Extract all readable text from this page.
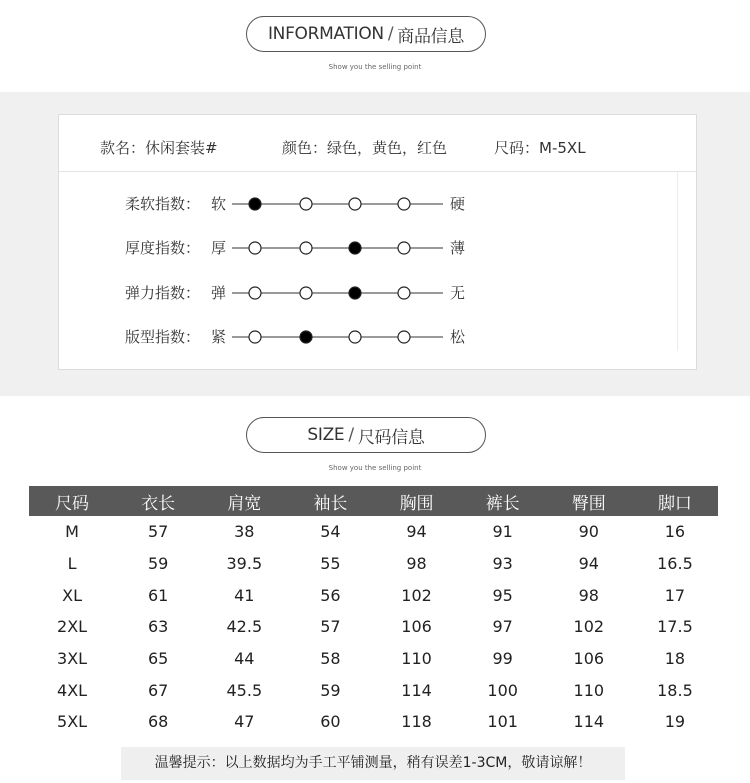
INFORMATION / 商品信息
Show you the selling point
款名：休闲套装#	颜色：绿色，黄色，红色	尺码：M-5XL
柔软指数： 软	硬
厚度指数： 厚	薄
弹力指数： 弹	无
版型指数： 紧	松
SIZE / 尺码信息
Show you the selling point
尺码	衣长	肩宽	袖长	胸围	裤长	臀围	脚口
M	57	38	54	94	91	90	16
L	59	39.5	55	98	93	94	16.5
XL	61	41	56	102	95	98	17
2XL	63	42.5	57	106	97	102	17.5
3XL	65	44	58	110	99	106	18
4XL	67	45.5	59	114	100	110	18.5
5XL	68	47	60	118	101	114	19
温馨提示：以上数据均为手工平铺测量，稍有误差1-3CM，敬请谅解！
